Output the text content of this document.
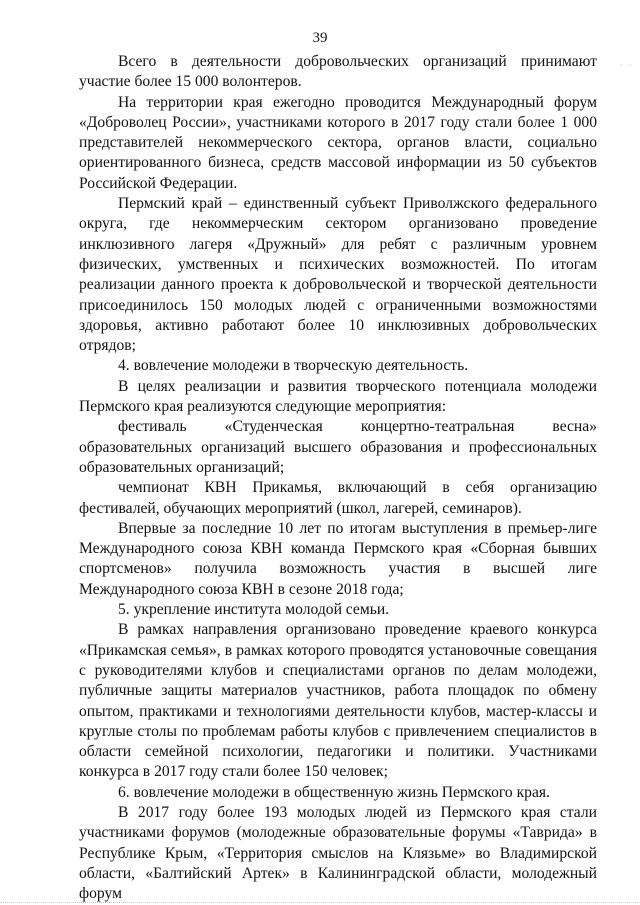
39
· ·

Всего в деятельности добровольческих организаций принимают участие более 15 000 волонтеров.

На территории края ежегодно проводится Международный форум «Доброволец России», участниками которого в 2017 году стали более 1 000 представителей некоммерческого сектора, органов власти, социально ориентированного бизнеса, средств массовой информации из 50 субъектов Российской Федерации.

Пермский край – единственный субъект Приволжского федерального округа, где некоммерческим сектором организовано проведение инклюзивного лагеря «Дружный» для ребят с различным уровнем физических, умственных и психических возможностей. По итогам реализации данного проекта к добровольческой и творческой деятельности присоединилось 150 молодых людей с ограниченными возможностями здоровья, активно работают более 10 инклюзивных добровольческих отрядов;

4. вовлечение молодежи в творческую деятельность.

В целях реализации и развития творческого потенциала молодежи Пермского края реализуются следующие мероприятия:

фестиваль «Студенческая концертно-театральная весна» образовательных организаций высшего образования и профессиональных образовательных организаций;

чемпионат КВН Прикамья, включающий в себя организацию фестивалей, обучающих мероприятий (школ, лагерей, семинаров).

Впервые за последние 10 лет по итогам выступления в премьер-лиге Международного союза КВН команда Пермского края «Сборная бывших спортсменов» получила возможность участия в высшей лиге Международного союза КВН в сезоне 2018 года;

5. укрепление института молодой семьи.

В рамках направления организовано проведение краевого конкурса «Прикамская семья», в рамках которого проводятся установочные совещания с руководителями клубов и специалистами органов по делам молодежи, публичные защиты материалов участников, работа площадок по обмену опытом, практиками и технологиями деятельности клубов, мастер-классы и круглые столы по проблемам работы клубов с привлечением специалистов в области семейной психологии, педагогики и политики. Участниками конкурса в 2017 году стали более 150 человек;

6. вовлечение молодежи в общественную жизнь Пермского края.

В 2017 году более 193 молодых людей из Пермского края стали участниками форумов (молодежные образовательные форумы «Таврида» в Республике Крым, «Территория смыслов на Клязьме» во Владимирской области, «Балтийский Артек» в Калининградской области, молодежный форум
